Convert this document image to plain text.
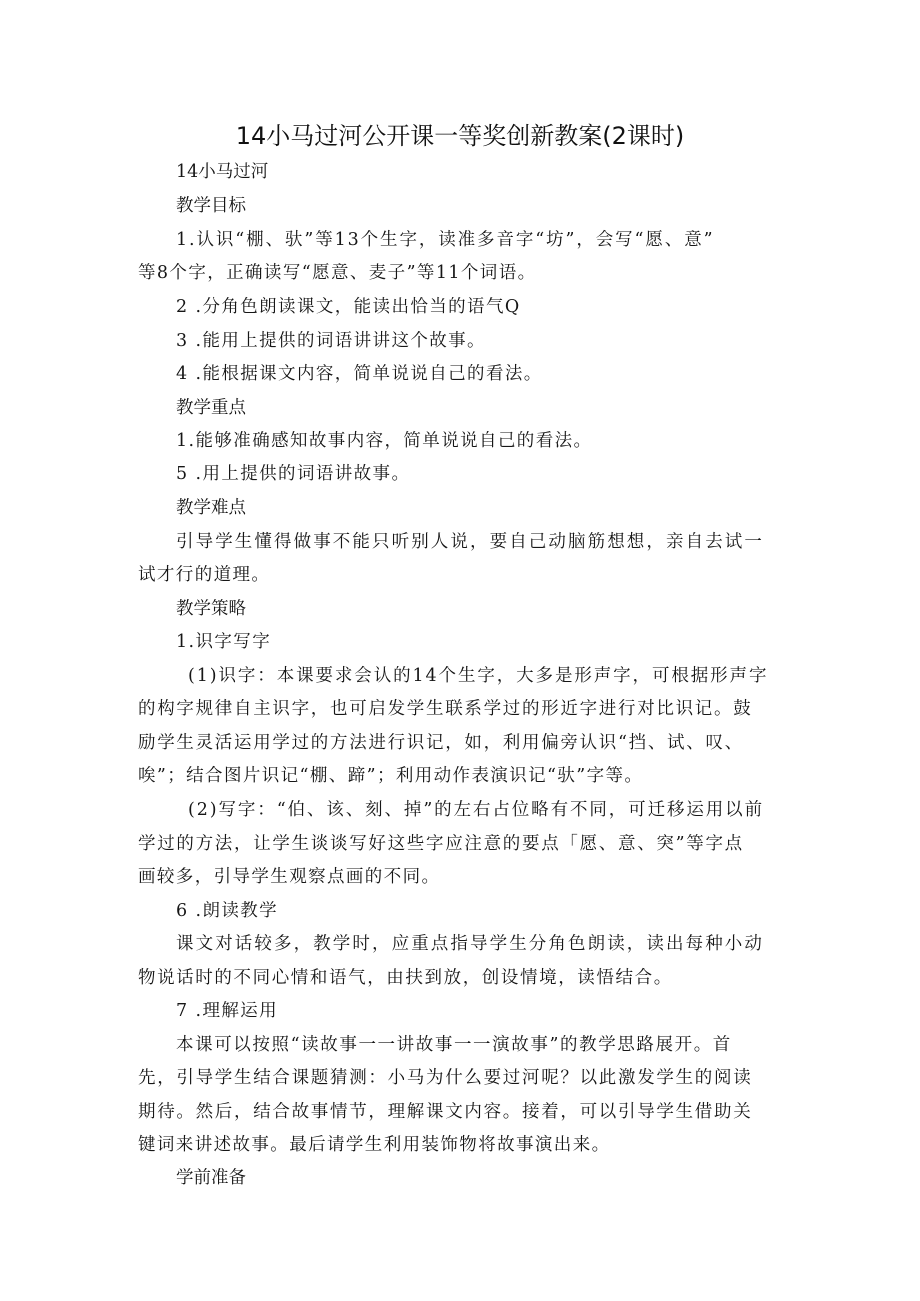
14小马过河公开课一等奖创新教案(2课时)
14小马过河
教学目标
1.认识“棚、驮”等13个生字，读准多音字“坊”，会写“愿、意”
等8个字，正确读写“愿意、麦子”等11个词语。
2 .分角色朗读课文，能读出恰当的语气Q
3 .能用上提供的词语讲讲这个故事。
4 .能根据课文内容，简单说说自己的看法。
教学重点
1.能够准确感知故事内容，简单说说自己的看法。
5 .用上提供的词语讲故事。
教学难点
引导学生懂得做事不能只听别人说，要自己动脑筋想想，亲自去试一
试才行的道理。
教学策略
1.识字写字
(1)识字：本课要求会认的14个生字，大多是形声字，可根据形声字
的构字规律自主识字，也可启发学生联系学过的形近字进行对比识记。鼓
励学生灵活运用学过的方法进行识记，如，利用偏旁认识“挡、试、叹、
唉”；结合图片识记“棚、蹄”；利用动作表演识记“驮”字等。
(2)写字：“伯、该、刻、掉”的左右占位略有不同，可迁移运用以前
学过的方法，让学生谈谈写好这些字应注意的要点「愿、意、突”等字点
画较多，引导学生观察点画的不同。
6 .朗读教学
课文对话较多，教学时，应重点指导学生分角色朗读，读出每种小动
物说话时的不同心情和语气，由扶到放，创设情境，读悟结合。
7 .理解运用
本课可以按照“读故事一一讲故事一一演故事”的教学思路展开。首
先，引导学生结合课题猜测：小马为什么要过河呢？以此激发学生的阅读
期待。然后，结合故事情节，理解课文内容。接着，可以引导学生借助关
键词来讲述故事。最后请学生利用装饰物将故事演出来。
学前准备
